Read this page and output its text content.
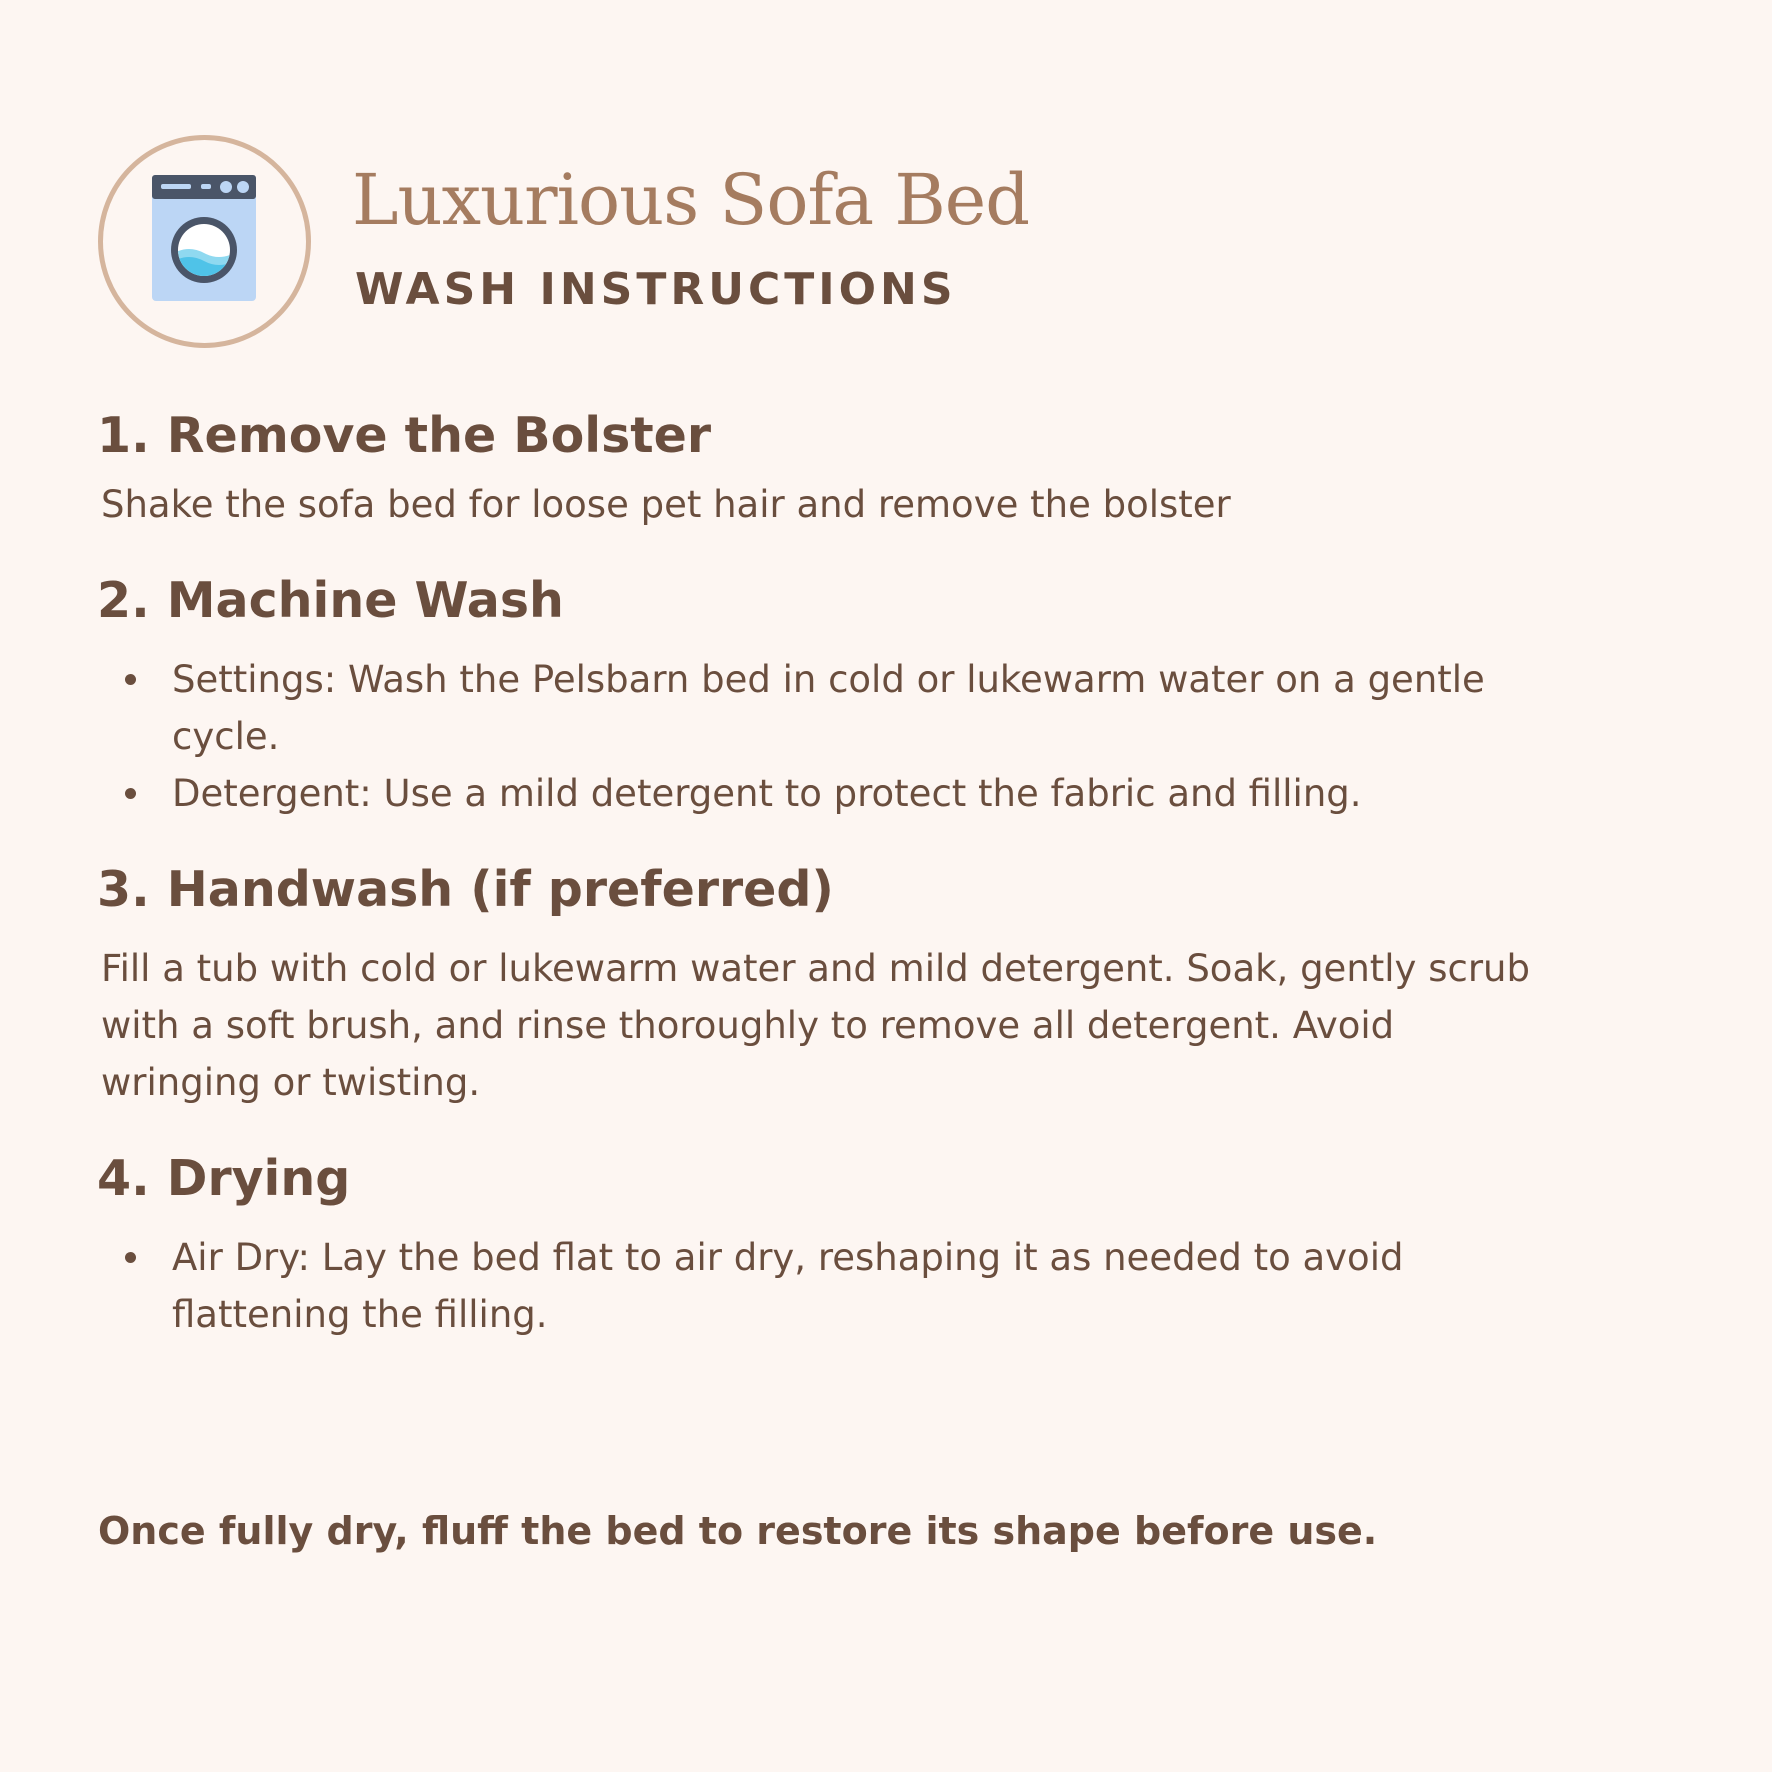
Luxurious Sofa Bed
WASH INSTRUCTIONS
1. Remove the Bolster

Shake the sofa bed for loose pet hair and remove the bolster

2. Machine Wash
Settings: Wash the Pelsbarn bed in cold or lukewarm water on a gentle cycle.
Detergent: Use a mild detergent to protect the fabric and filling.
3. Handwash (if preferred)

Fill a tub with cold or lukewarm water and mild detergent. Soak, gently scrub with a soft brush, and rinse thoroughly to remove all detergent. Avoid wringing or twisting.

4. Drying
Air Dry: Lay the bed flat to air dry, reshaping it as needed to avoid flattening the filling.

Once fully dry, fluff the bed to restore its shape before use.
